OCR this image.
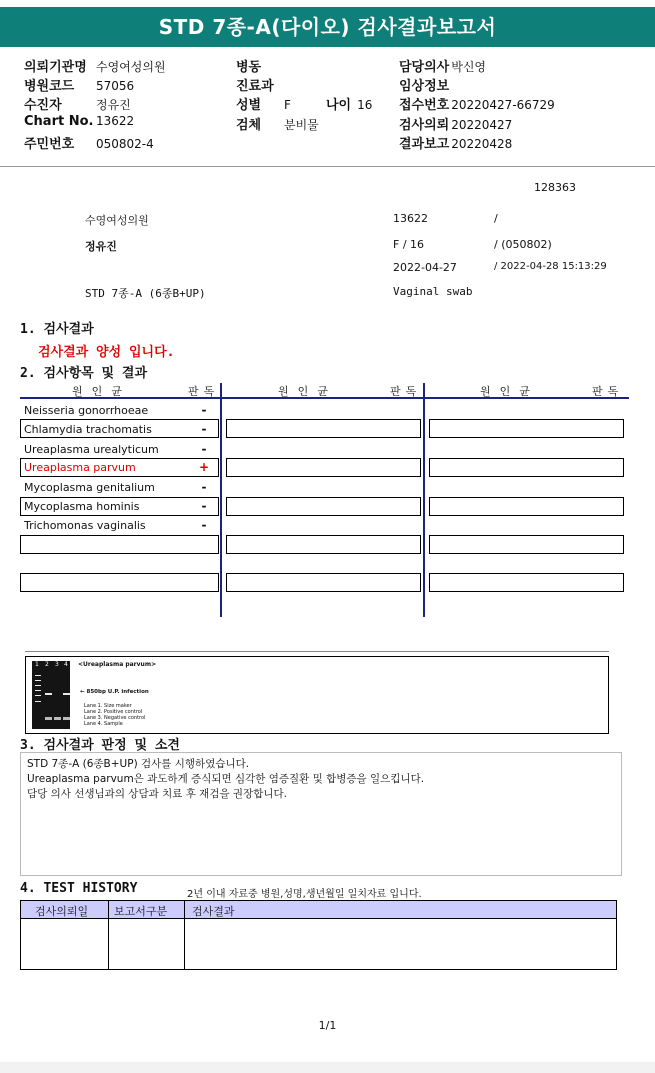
STD 7종-A(다이오) 검사결과보고서
의뢰기관명 수영여성의원
병원코드 57056
수진자	정유진
Chart No. 13622
주민번호 050802-4
병동
진료과
성별 F	나이 16
검체 분비물
담당의사 박신영
임상정보
접수번호 20220427-66729
검사의뢰 20220427
결과보고 20220428
128363
수영여성의원	13622	/
정유진	F / 16	/ (050802)
2022-04-27	/ 2022-04-28 15:13:29
STD 7종-A (6종B+UP)	Vaginal swab
1. 검사결과
검사결과 양성 입니다.
2. 검사항목 및 결과
원인균	판독	원인균	판독	원인균	판독
Neisseria gonorrhoeae	-
Chlamydia trachomatis	-
Ureaplasma urealyticum	-
Ureaplasma parvum	+
Mycoplasma genitalium	-
Mycoplasma hominis	-
Trichomonas vaginalis	-
1 2 3 4 <Ureaplasma parvum>
← 850bp U.P. infection
Lane 1. Size maker
Lane 2. Positive control
Lane 3. Negative control
Lane 4. Sample
3. 검사결과 판정 및 소견
STD 7종-A (6종B+UP) 검사를 시행하였습니다.
Ureaplasma parvum은 과도하게 증식되면 심각한 염증질환 및 합병증을 일으킵니다.
담당 의사 선생님과의 상담과 치료 후 재검을 권장합니다.
4. TEST HISTORY	2년 이내 자료중 병원,성명,생년월일 일치자료 입니다.
검사의뢰일 보고서구분 검사결과
1/1
